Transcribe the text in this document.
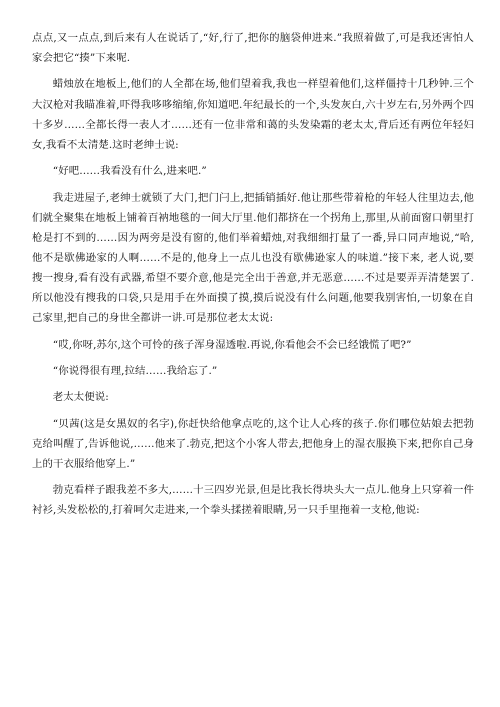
点点,又一点点,到后来有人在说话了,“好,行了,把你的脑袋伸进来.”我照着做了,可是我还害怕人家会把它“揍”下来呢.

蜡烛放在地板上,他们的人全都在场,他们望着我,我也一样望着他们,这样僵持十几秒钟.三个大汉枪对我瞄准着,吓得我哆哆缩缩,你知道吧.年纪最长的一个,头发灰白,六十岁左右,另外两个四十多岁……全都长得一表人才……还有一位非常和蔼的头发染霜的老太太,背后还有两位年轻妇女,我看不太清楚.这时老绅士说:

“好吧……我看没有什么,进来吧.”

我走进屋子,老绅士就锁了大门,把门闩上,把插销插好.他让那些带着枪的年轻人往里边去,他们就全聚集在地板上铺着百衲地毯的一间大厅里.他们都挤在一个拐角上,那里,从前面窗口朝里打枪是打不到的……因为两旁是没有窗的,他们举着蜡烛,对我细细打量了一番,异口同声地说,“哈,他不是歇佛逊家的人啊……不是的,他身上一点儿也没有歇佛逊家人的味道.”接下来, 老人说,要搜一搜身,看有没有武器,希望不要介意,他是完全出于善意,并无恶意……不过是要弄弄清楚罢了.所以他没有搜我的口袋,只是用手在外面摸了摸,摸后说没有什么问题,他要我别害怕,一切象在自己家里,把自己的身世全都讲一讲.可是那位老太太说:

“哎,你呀,苏尔,这个可怜的孩子浑身湿透啦.再说,你看他会不会已经饿慌了吧?”

“你说得很有理,拉结……我给忘了.”

老太太便说:

“贝茜(这是女黑奴的名字),你赶快给他拿点吃的,这个让人心疼的孩子.你们哪位姑娘去把勃克给叫醒了,告诉他说,……他来了.勃克,把这个小客人带去,把他身上的湿衣服换下来,把你自己身上的干衣服给他穿上.”

勃克看样子跟我差不多大,……十三四岁光景,但是比我长得块头大一点儿.他身上只穿着一件衬衫,头发松松的,打着呵欠走进来,一个拳头揉搓着眼睛,另一只手里拖着一支枪,他说:
